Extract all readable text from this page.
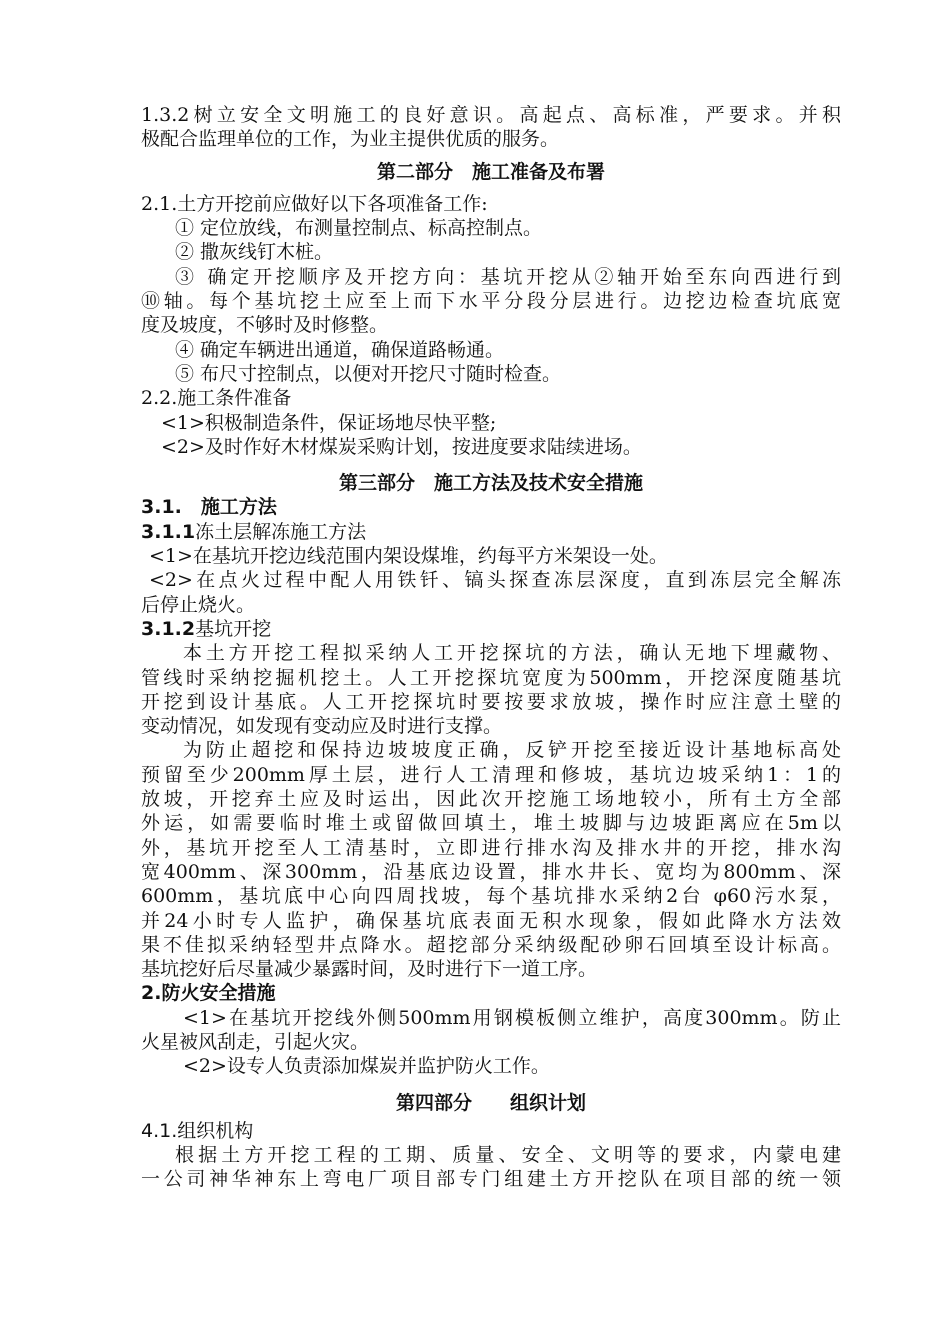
1.3.2树立安全文明施工的良好意识。高起点、高标准，严要求。并积
极配合监理单位的工作，为业主提供优质的服务。
第二部分　施工准备及布署
2.1.土方开挖前应做好以下各项准备工作:
① 定位放线，布测量控制点、标高控制点。
② 撒灰线钉木桩。
③ 确定开挖顺序及开挖方向：基坑开挖从②轴开始至东向西进行到
⑩轴。每个基坑挖土应至上而下水平分段分层进行。边挖边检查坑底宽
度及坡度，不够时及时修整。
④ 确定车辆进出通道，确保道路畅通。
⑤ 布尺寸控制点，以便对开挖尺寸随时检查。
2.2.施工条件准备
<1>积极制造条件，保证场地尽快平整;
<2>及时作好木材煤炭采购计划，按进度要求陆续进场。
第三部分　施工方法及技术安全措施
3.1.　施工方法
3.1.1冻土层解冻施工方法
<1>在基坑开挖边线范围内架设煤堆，约每平方米架设一处。
<2>在点火过程中配人用铁钎、镐头探查冻层深度，直到冻层完全解冻
后停止烧火。
3.1.2基坑开挖
本土方开挖工程拟采纳人工开挖探坑的方法，确认无地下埋藏物、
管线时采纳挖掘机挖土。人工开挖探坑宽度为500mm，开挖深度随基坑
开挖到设计基底。人工开挖探坑时要按要求放坡，操作时应注意土壁的
变动情况，如发现有变动应及时进行支撑。
为防止超挖和保持边坡坡度正确，反铲开挖至接近设计基地标高处
预留至少200mm厚土层，进行人工清理和修坡，基坑边坡采纳1：1的
放坡，开挖弃土应及时运出，因此次开挖施工场地较小，所有土方全部
外运，如需要临时堆土或留做回填土，堆土坡脚与边坡距离应在5m以
外，基坑开挖至人工清基时，立即进行排水沟及排水井的开挖，排水沟
宽400mm、深300mm，沿基底边设置，排水井长、宽均为800mm、深
600mm，基坑底中心向四周找坡，每个基坑排水采纳2台 φ60污水泵，
并24小时专人监护，确保基坑底表面无积水现象，假如此降水方法效
果不佳拟采纳轻型井点降水。超挖部分采纳级配砂卵石回填至设计标高。
基坑挖好后尽量减少暴露时间，及时进行下一道工序。
2.防火安全措施
<1>在基坑开挖线外侧500mm用钢模板侧立维护，高度300mm。防止
火星被风刮走，引起火灾。
<2>设专人负责添加煤炭并监护防火工作。
第四部分　　组织计划
4.1.组织机构
根据土方开挖工程的工期、质量、安全、文明等的要求，内蒙电建
一公司神华神东上弯电厂项目部专门组建土方开挖队在项目部的统一领
